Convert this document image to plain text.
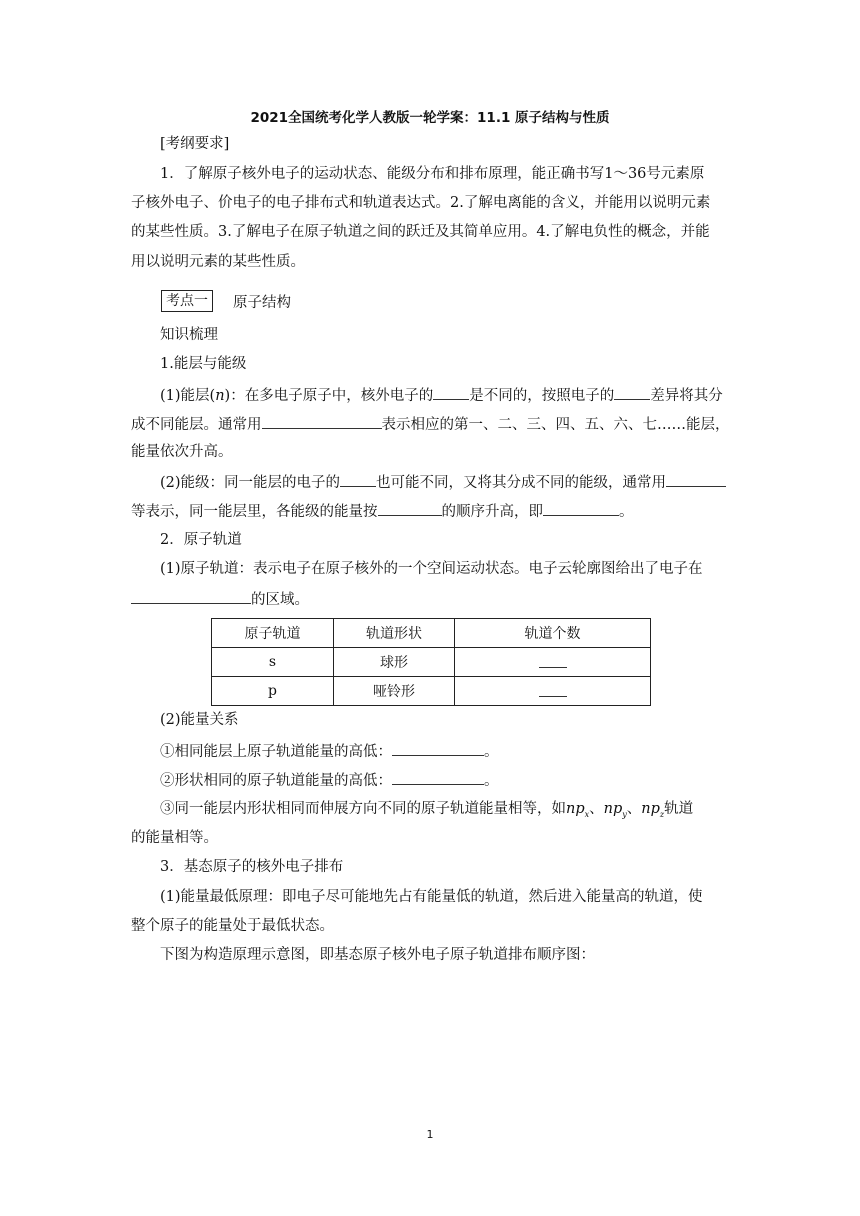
2021全国统考化学人教版一轮学案：11.1 原子结构与性质
[考纲要求]
1．了解原子核外电子的运动状态、能级分布和排布原理，能正确书写1～36号元素原
子核外电子、价电子的电子排布式和轨道表达式。2.了解电离能的含义，并能用以说明元素
的某些性质。3.了解电子在原子轨道之间的跃迁及其简单应用。4.了解电负性的概念，并能
用以说明元素的某些性质。
考点一	原子结构
知识梳理
1.能层与能级
(1)能层(n)：在多电子原子中，核外电子的 是不同的，按照电子的 差异将其分
成不同能层。通常用	表示相应的第一、二、三、四、五、六、七……能层，
能量依次升高。
(2)能级：同一能层的电子的 也可能不同，又将其分成不同的能级，通常用
等表示，同一能层里，各能级的能量按	的顺序升高，即	。
2．原子轨道
(1)原子轨道：表示电子在原子核外的一个空间运动状态。电子云轮廓图给出了电子在
的区域。
原子轨道	轨道形状	轨道个数
s	球形	
p	哑铃形	
(2)能量关系
①相同能层上原子轨道能量的高低：	。
②形状相同的原子轨道能量的高低：	。
③同一能层内形状相同而伸展方向不同的原子轨道能量相等，如$np_x$、$np_y$、$np_z$轨道
的能量相等。
3．基态原子的核外电子排布
(1)能量最低原理：即电子尽可能地先占有能量低的轨道，然后进入能量高的轨道，使
整个原子的能量处于最低状态。
下图为构造原理示意图，即基态原子核外电子原子轨道排布顺序图：
1
